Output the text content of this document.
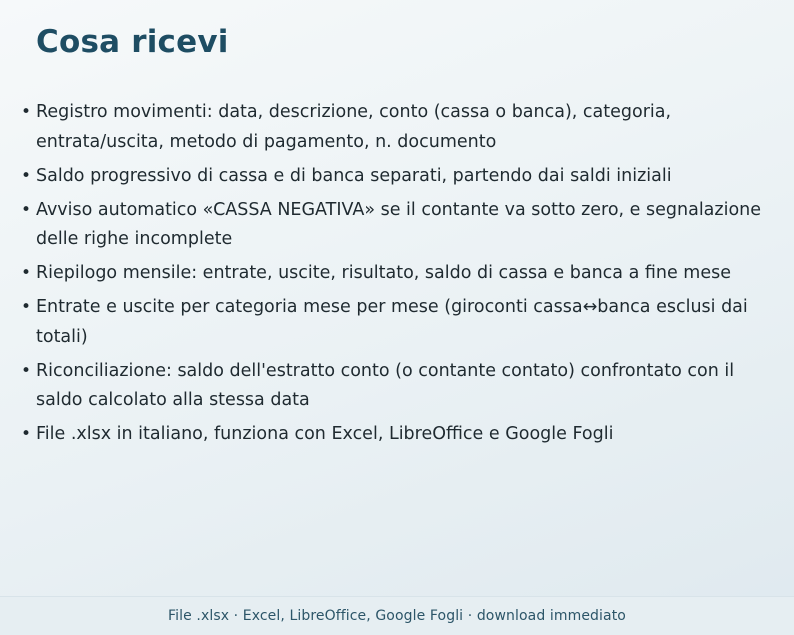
Cosa ricevi
• Registro movimenti: data, descrizione, conto (cassa o banca), categoria, entrata/uscita, metodo di pagamento, n. documento
• Saldo progressivo di cassa e di banca separati, partendo dai saldi iniziali
• Avviso automatico «CASSA NEGATIVA» se il contante va sotto zero, e segnalazione delle righe incomplete
• Riepilogo mensile: entrate, uscite, risultato, saldo di cassa e banca a fine mese
• Entrate e uscite per categoria mese per mese (giroconti cassa↔banca esclusi dai totali)
• Riconciliazione: saldo dell'estratto conto (o contante contato) confrontato con il saldo calcolato alla stessa data
• File .xlsx in italiano, funziona con Excel, LibreOffice e Google Fogli
File .xlsx · Excel, LibreOffice, Google Fogli · download immediato
